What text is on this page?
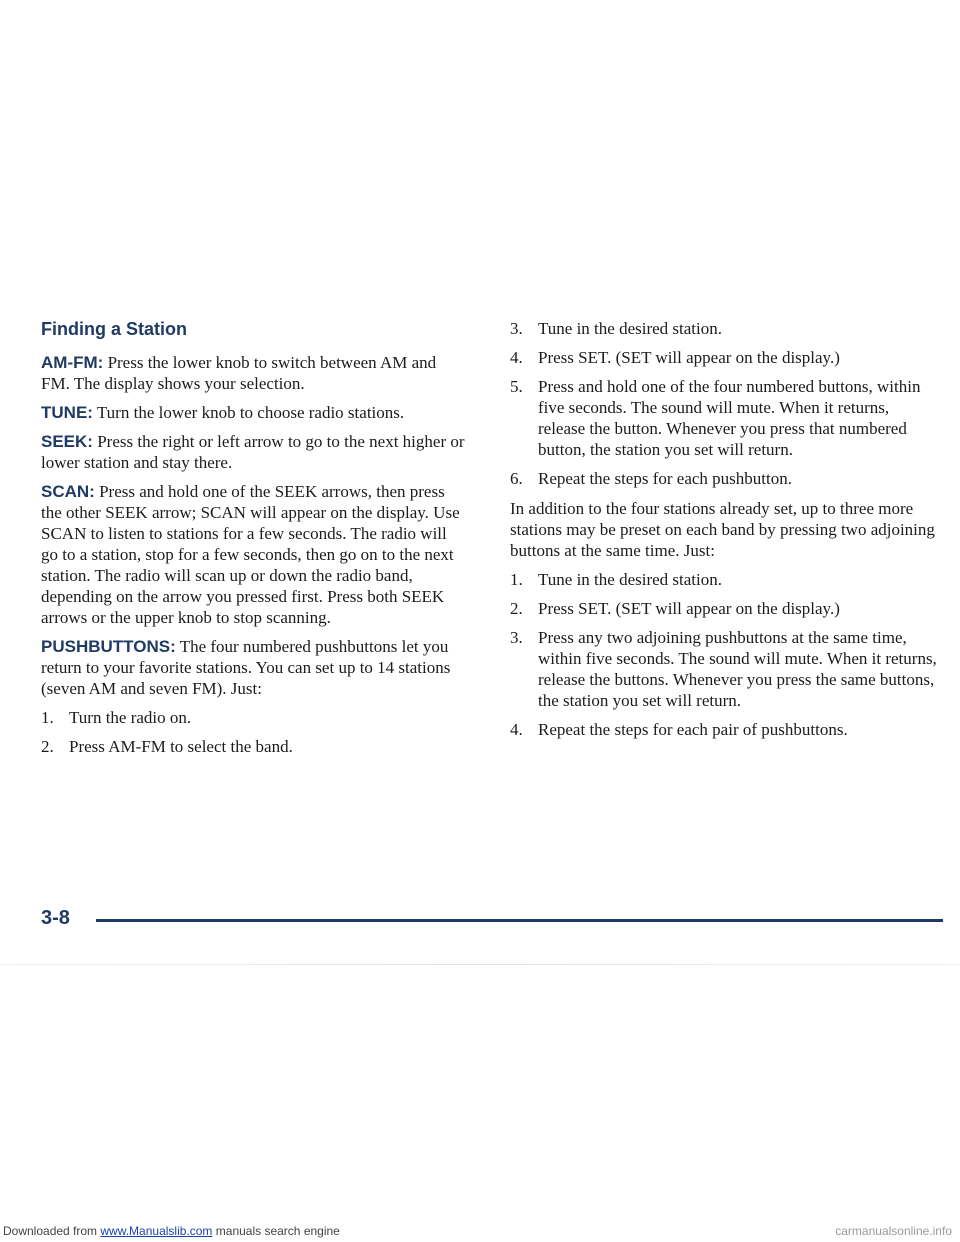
Finding a Station

AM-FM: Press the lower knob to switch between AM and FM. The display shows your selection.

TUNE: Turn the lower knob to choose radio stations.

SEEK: Press the right or left arrow to go to the next higher or lower station and stay there.

SCAN: Press and hold one of the SEEK arrows, then press the other SEEK arrow; SCAN will appear on the display. Use SCAN to listen to stations for a few seconds. The radio will go to a station, stop for a few seconds, then go on to the next station. The radio will scan up or down the radio band, depending on the arrow you pressed first. Press both SEEK arrows or the upper knob to stop scanning.

PUSHBUTTONS: The four numbered pushbuttons let you return to your favorite stations. You can set up to 14 stations (seven AM and seven FM). Just:

1. Turn the radio on.
2. Press AM-FM to select the band.
3. Tune in the desired station.
4. Press SET. (SET will appear on the display.)
5. Press and hold one of the four numbered buttons, within five seconds. The sound will mute. When it returns, release the button. Whenever you press that numbered button, the station you set will return.
6. Repeat the steps for each pushbutton.

In addition to the four stations already set, up to three more stations may be preset on each band by pressing two adjoining buttons at the same time. Just:

1. Tune in the desired station.
2. Press SET. (SET will appear on the display.)
3. Press any two adjoining pushbuttons at the same time, within five seconds. The sound will mute. When it returns, release the buttons. Whenever you press the same buttons, the station you set will return.
4. Repeat the steps for each pair of pushbuttons.
3-8
Downloaded from www.Manualslib.com manuals search engine	carmanualsonline.info
